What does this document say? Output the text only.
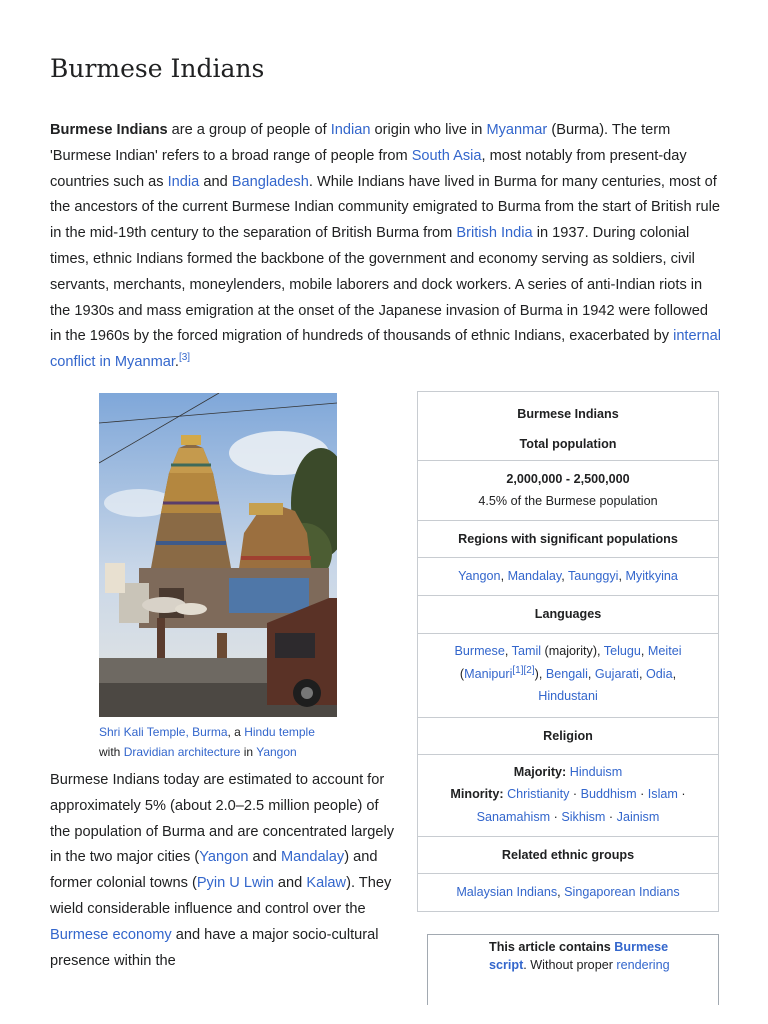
Burmese Indians

Burmese Indians are a group of people of Indian origin who live in Myanmar (Burma). The term 'Burmese Indian' refers to a broad range of people from South Asia, most notably from present-day countries such as India and Bangladesh. While Indians have lived in Burma for many centuries, most of the ancestors of the current Burmese Indian community emigrated to Burma from the start of British rule in the mid-19th century to the separation of British Burma from British India in 1937. During colonial times, ethnic Indians formed the backbone of the government and economy serving as soldiers, civil servants, merchants, moneylenders, mobile laborers and dock workers. A series of anti-Indian riots in the 1930s and mass emigration at the onset of the Japanese invasion of Burma in 1942 were followed in the 1960s by the forced migration of hundreds of thousands of ethnic Indians, exacerbated by internal conflict in Myanmar.[3]

Shri Kali Temple, Burma, a Hindu temple
with Dravidian architecture in Yangon

Burmese Indians today are estimated to account for approximately 5% (about 2.0–2.5 million people) of the population of Burma and are concentrated largely in the two major cities (Yangon and Mandalay) and former colonial towns (Pyin U Lwin and Kalaw). They wield considerable influence and control over the Burmese economy and have a major socio-cultural presence within the

Burmese Indians
Total population
2,000,000 - 2,500,000
4.5% of the Burmese population
Regions with significant populations
Yangon, Mandalay, Taunggyi, Myitkyina
Languages
Burmese, Tamil (majority), Telugu, Meitei
(Manipuri[1][2]), Bengali, Gujarati, Odia,
Hindustani
Religion
Majority: Hinduism
Minority: Christianity · Buddhism · Islam ·
Sanamahism · Sikhism · Jainism
Related ethnic groups
Malaysian Indians, Singaporean Indians
This article contains Burmese script. Without proper rendering
